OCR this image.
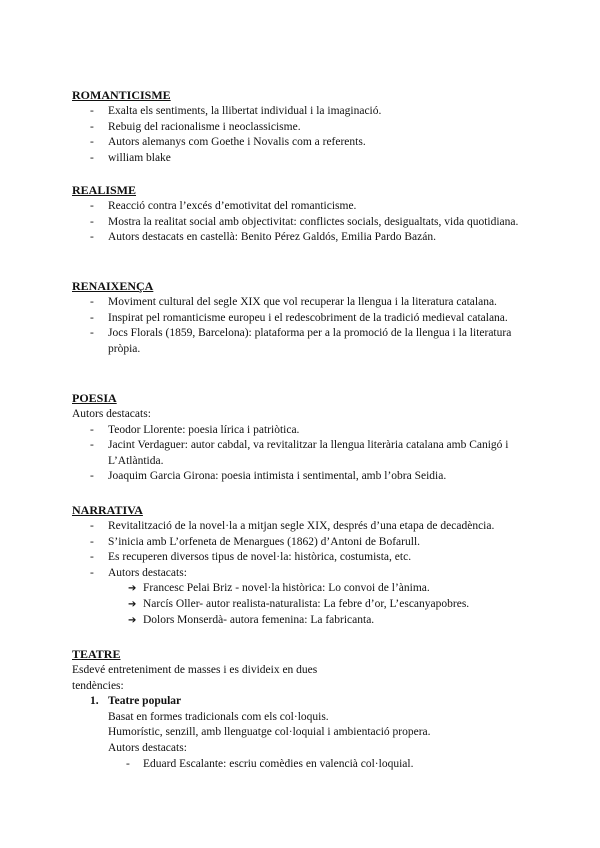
ROMANTICISME
- Exalta els sentiments, la llibertat individual i la imaginació.
- Rebuig del racionalisme i neoclassicisme.
- Autors alemanys com Goethe i Novalis com a referents.
- william blake
REALISME
- Reacció contra l’excés d’emotivitat del romanticisme.
- Mostra la realitat social amb objectivitat: conflictes socials, desigualtats, vida quotidiana.
- Autors destacats en castellà: Benito Pérez Galdós, Emilia Pardo Bazán.
RENAIXENÇA
- Moviment cultural del segle XIX que vol recuperar la llengua i la literatura catalana.
- Inspirat pel romanticisme europeu i el redescobriment de la tradició medieval catalana.
- Jocs Florals (1859, Barcelona): plataforma per a la promoció de la llengua i la literatura pròpia.
POESIA

Autors destacats:

- Teodor Llorente: poesia lírica i patriòtica.
- Jacint Verdaguer: autor cabdal, va revitalitzar la llengua literària catalana amb Canigó i L’Atlàntida.
- Joaquim Garcia Girona: poesia intimista i sentimental, amb l’obra Seidia.
NARRATIVA
- Revitalització de la novel·la a mitjan segle XIX, després d’una etapa de decadència.
- S’inicia amb L’orfeneta de Menargues (1862) d’Antoni de Bofarull.
- Es recuperen diversos tipus de novel·la: històrica, costumista, etc.
- Autors destacats:
➔ Francesc Pelai Briz - novel·la històrica: Lo convoi de l’ànima.
➔ Narcís Oller- autor realista-naturalista: La febre d’or, L’escanyapobres.
➔ Dolors Monserdà- autora femenina: La fabricanta.
TEATRE

Esdevé entreteniment de masses i es divideix en dues

tendències:

1. Teatre popular
Basat en formes tradicionals com els col·loquis.
Humorístic, senzill, amb llenguatge col·loquial i ambientació propera.
Autors destacats:
- Eduard Escalante: escriu comèdies en valencià col·loquial.
